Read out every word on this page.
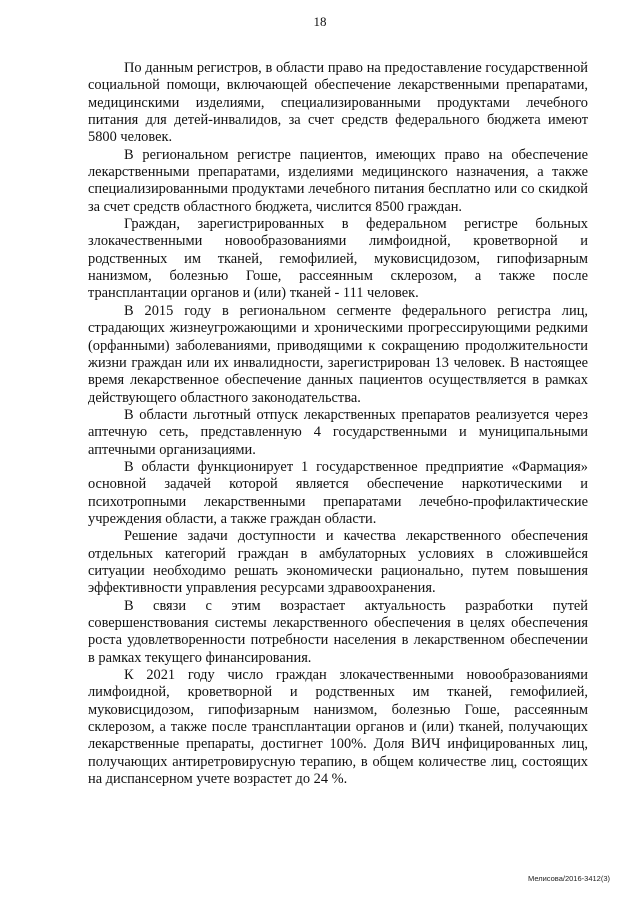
18

По данным регистров, в области право на предоставление государственной социальной помощи, включающей обеспечение лекарственными препаратами, медицинскими изделиями, специализированными продуктами лечебного питания для детей-инвалидов, за счет средств федерального бюджета имеют 5800 человек.

В региональном регистре пациентов, имеющих право на обеспечение лекарственными препаратами, изделиями медицинского назначения, а также специализированными продуктами лечебного питания бесплатно или со скидкой за счет средств областного бюджета, числится 8500 граждан.

Граждан, зарегистрированных в федеральном регистре больных злокачественными новообразованиями лимфоидной, кроветворной и родственных им тканей, гемофилией, муковисцидозом, гипофизарным нанизмом, болезнью Гоше, рассеянным склерозом, а также после трансплантации органов и (или) тканей - 111 человек.

В 2015 году в региональном сегменте федерального регистра лиц, страдающих жизнеугрожающими и хроническими прогрессирующими редкими (орфанными) заболеваниями, приводящими к сокращению продолжительности жизни граждан или их инвалидности, зарегистрирован 13 человек. В настоящее время лекарственное обеспечение данных пациентов осуществляется в рамках действующего областного законодательства.

В области льготный отпуск лекарственных препаратов реализуется через аптечную сеть, представленную 4 государственными и муниципальными аптечными организациями.

В области функционирует 1 государственное предприятие «Фармация» основной задачей которой является обеспечение наркотическими и психотропными лекарственными препаратами лечебно-профилактические учреждения области, а также граждан области.

Решение задачи доступности и качества лекарственного обеспечения отдельных категорий граждан в амбулаторных условиях в сложившейся ситуации необходимо решать экономически рационально, путем повышения эффективности управления ресурсами здравоохранения.

В связи с этим возрастает актуальность разработки путей совершенствования системы лекарственного обеспечения в целях обеспечения роста удовлетворенности потребности населения в лекарственном обеспечении в рамках текущего финансирования.

К 2021 году число граждан злокачественными новообразованиями лимфоидной, кроветворной и родственных им тканей, гемофилией, муковисцидозом, гипофизарным нанизмом, болезнью Гоше, рассеянным склерозом, а также после трансплантации органов и (или) тканей, получающих лекарственные препараты, достигнет 100%. Доля ВИЧ инфицированных лиц, получающих антиретровирусную терапию, в общем количестве лиц, состоящих на диспансерном учете возрастет до 24 %.

Мелисова/2016-3412(3)
